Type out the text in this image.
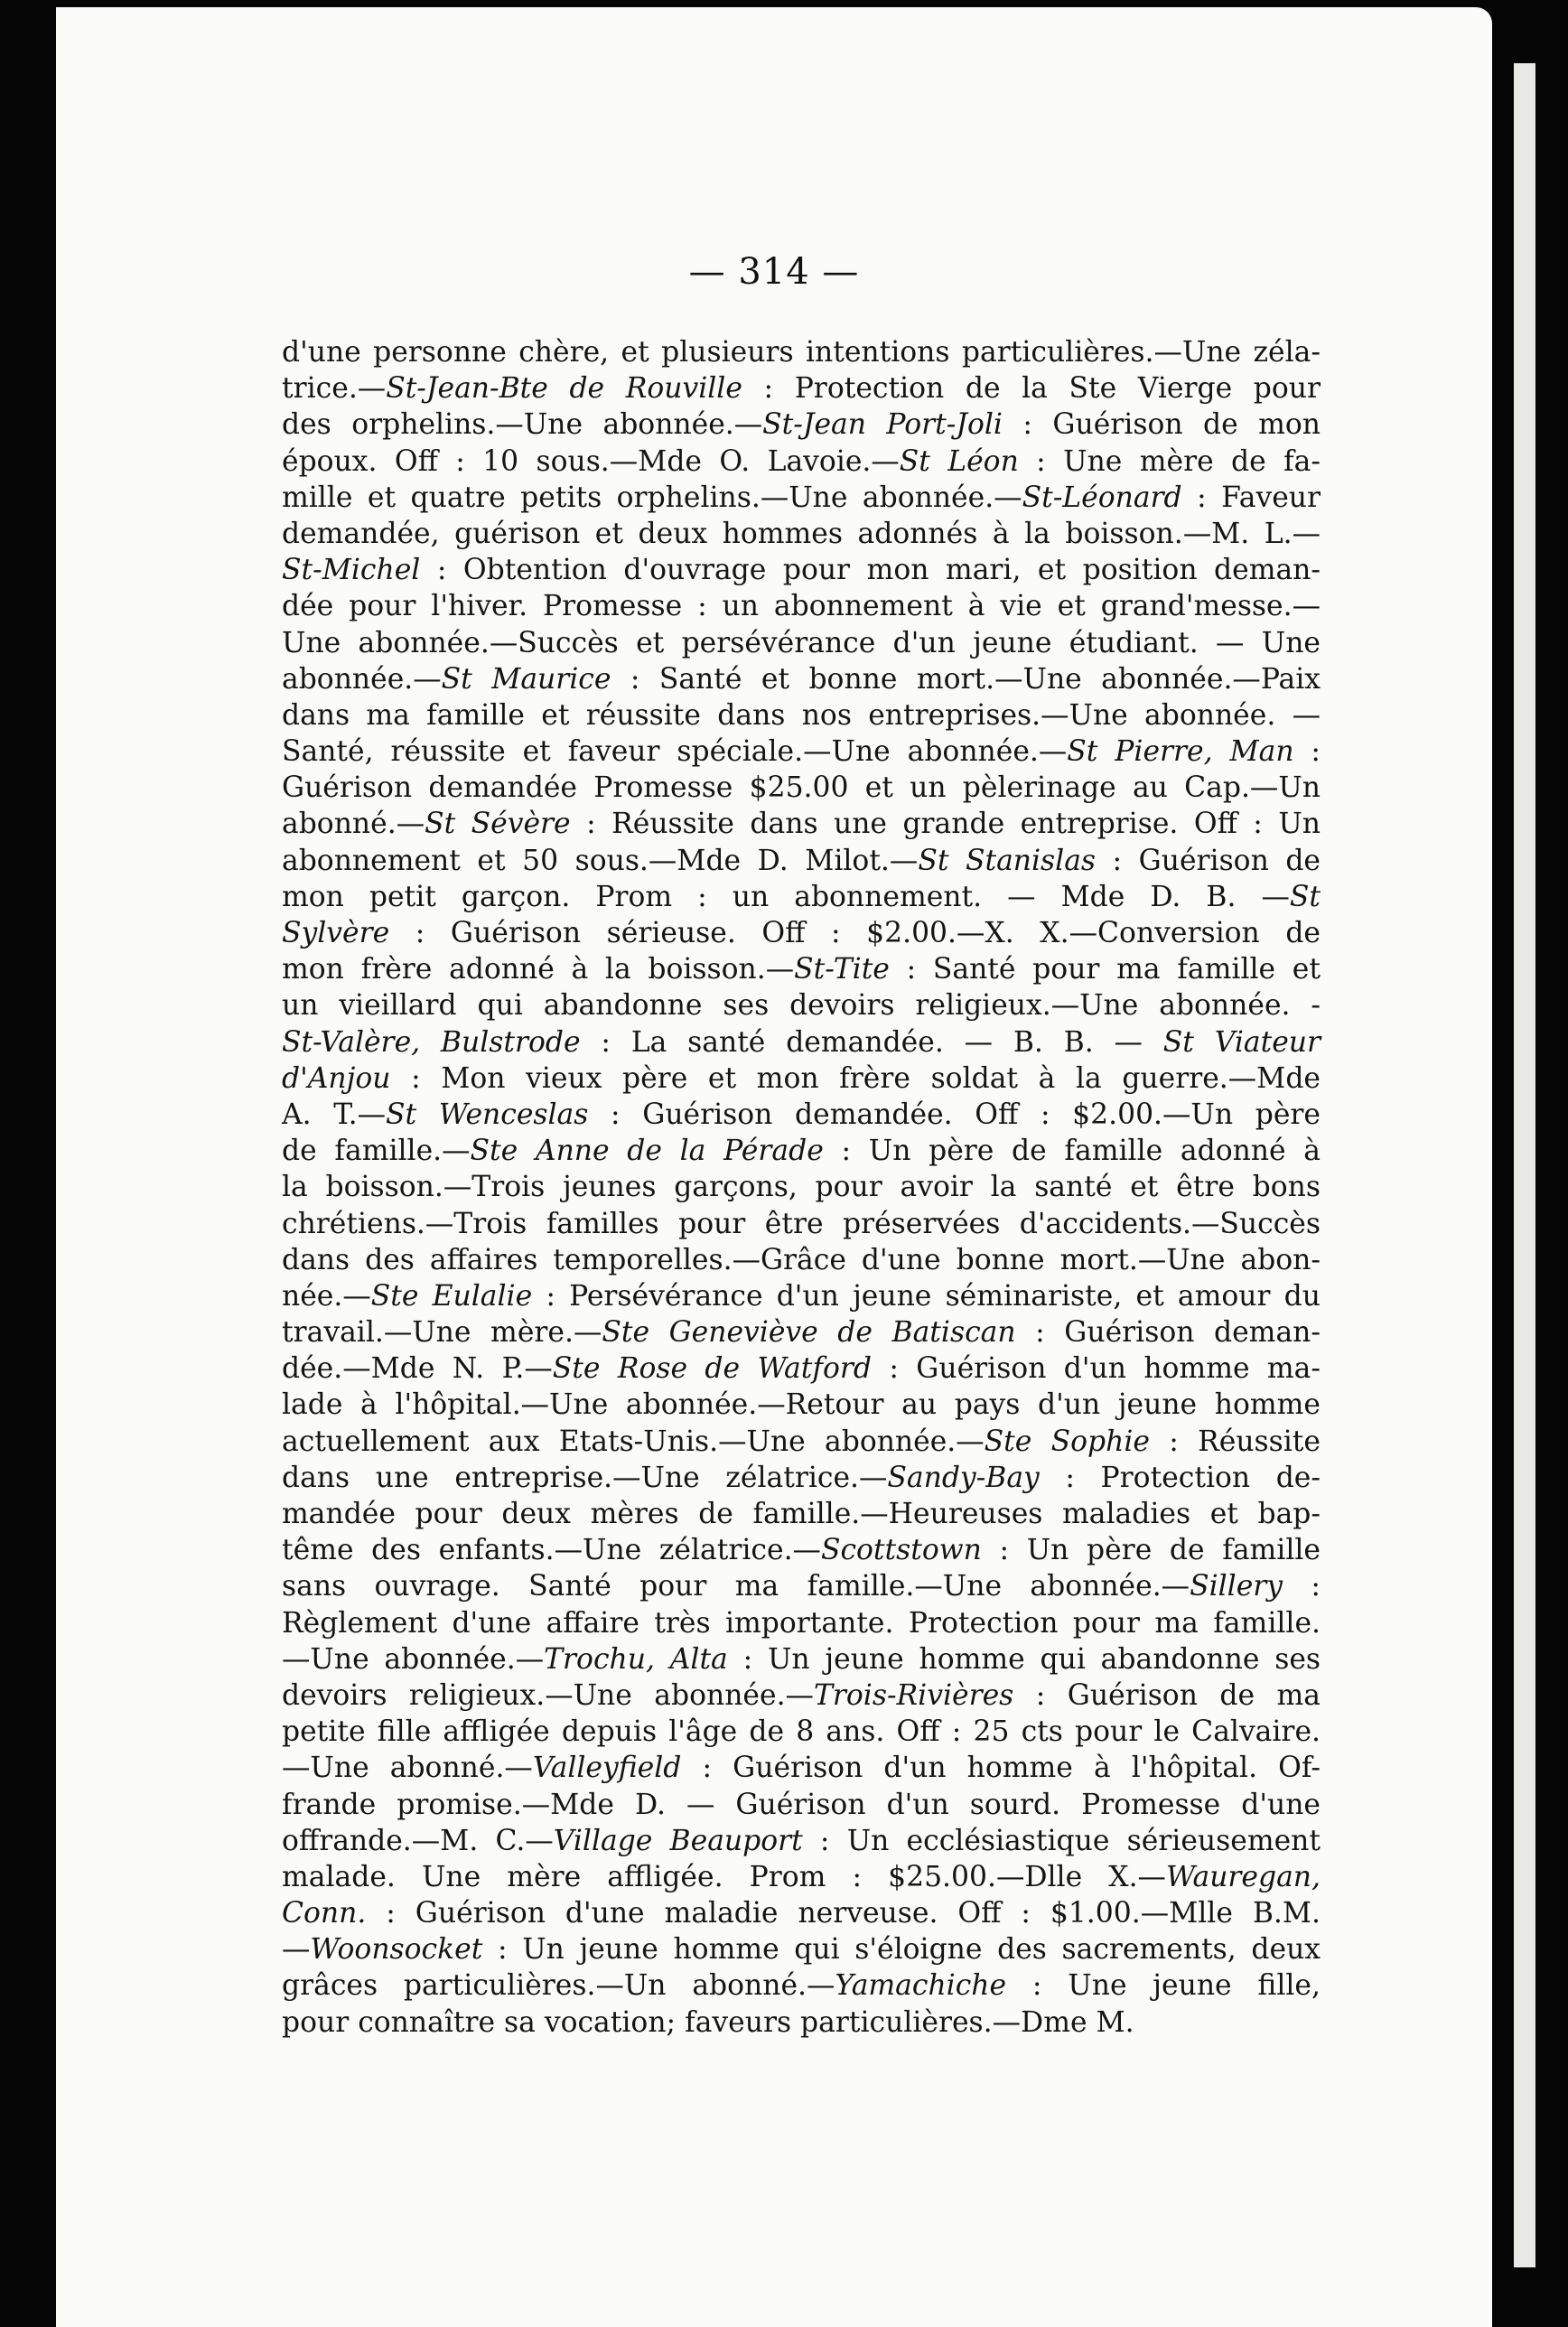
— 314 —
d'une personne chère, et plusieurs intentions particulières.—Une zéla-
trice.—St-Jean-Bte de Rouville : Protection de la Ste Vierge pour
des orphelins.—Une abonnée.—St-Jean Port-Joli : Guérison de mon
époux. Off : 10 sous.—Mde O. Lavoie.—St Léon : Une mère de fa-
mille et quatre petits orphelins.—Une abonnée.—St-Léonard : Faveur
demandée, guérison et deux hommes adonnés à la boisson.—M. L.—
St-Michel : Obtention d'ouvrage pour mon mari, et position deman-
dée pour l'hiver. Promesse : un abonnement à vie et grand'messe.—
Une abonnée.—Succès et persévérance d'un jeune étudiant. — Une
abonnée.—St Maurice : Santé et bonne mort.—Une abonnée.—Paix
dans ma famille et réussite dans nos entreprises.—Une abonnée. —
Santé, réussite et faveur spéciale.—Une abonnée.—St Pierre, Man :
Guérison demandée Promesse $25.00 et un pèlerinage au Cap.—Un
abonné.—St Sévère : Réussite dans une grande entreprise. Off : Un
abonnement et 50 sous.—Mde D. Milot.—St Stanislas : Guérison de
mon petit garçon. Prom : un abonnement. — Mde D. B. —St
Sylvère : Guérison sérieuse. Off : $2.00.—X. X.—Conversion de
mon frère adonné à la boisson.—St-Tite : Santé pour ma famille et
un vieillard qui abandonne ses devoirs religieux.—Une abonnée. -
St-Valère, Bulstrode : La santé demandée. — B. B. — St Viateur
d'Anjou : Mon vieux père et mon frère soldat à la guerre.—Mde
A. T.—St Wenceslas : Guérison demandée. Off : $2.00.—Un père
de famille.—Ste Anne de la Pérade : Un père de famille adonné à
la boisson.—Trois jeunes garçons, pour avoir la santé et être bons
chrétiens.—Trois familles pour être préservées d'accidents.—Succès
dans des affaires temporelles.—Grâce d'une bonne mort.—Une abon-
née.—Ste Eulalie : Persévérance d'un jeune séminariste, et amour du
travail.—Une mère.—Ste Geneviève de Batiscan : Guérison deman-
dée.—Mde N. P.—Ste Rose de Watford : Guérison d'un homme ma-
lade à l'hôpital.—Une abonnée.—Retour au pays d'un jeune homme
actuellement aux Etats-Unis.—Une abonnée.—Ste Sophie : Réussite
dans une entreprise.—Une zélatrice.—Sandy-Bay : Protection de-
mandée pour deux mères de famille.—Heureuses maladies et bap-
tême des enfants.—Une zélatrice.—Scottstown : Un père de famille
sans ouvrage. Santé pour ma famille.—Une abonnée.—Sillery :
Règlement d'une affaire très importante. Protection pour ma famille.
—Une abonnée.—Trochu, Alta : Un jeune homme qui abandonne ses
devoirs religieux.—Une abonnée.—Trois-Rivières : Guérison de ma
petite fille affligée depuis l'âge de 8 ans. Off : 25 cts pour le Calvaire.
—Une abonné.—Valleyfield : Guérison d'un homme à l'hôpital. Of-
frande promise.—Mde D. — Guérison d'un sourd. Promesse d'une
offrande.—M. C.—Village Beauport : Un ecclésiastique sérieusement
malade. Une mère affligée. Prom : $25.00.—Dlle X.—Wauregan,
Conn. : Guérison d'une maladie nerveuse. Off : $1.00.—Mlle B.M.
—Woonsocket : Un jeune homme qui s'éloigne des sacrements, deux
grâces particulières.—Un abonné.—Yamachiche : Une jeune fille,
pour connaître sa vocation; faveurs particulières.—Dme M.
